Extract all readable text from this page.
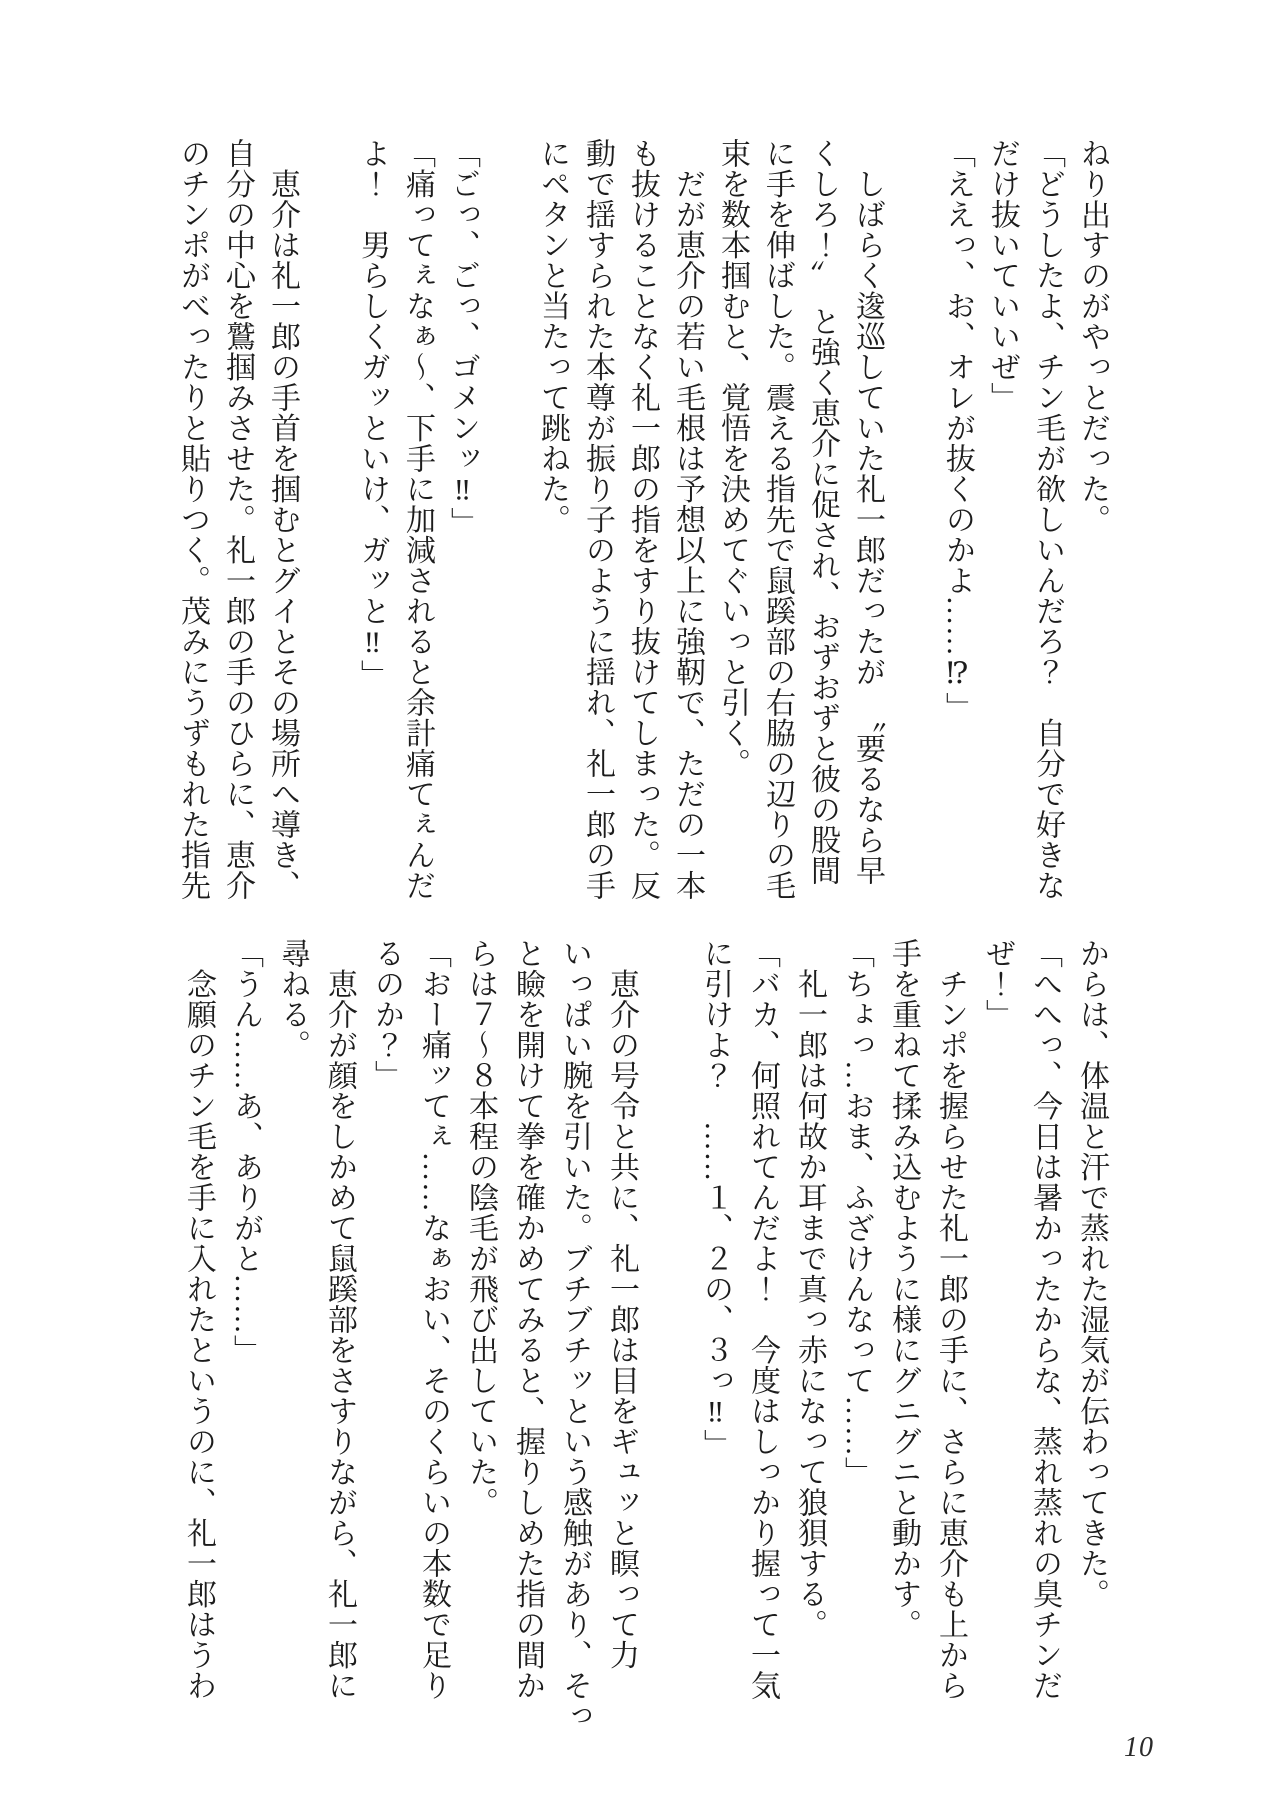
ねり出すのがやっとだった。

「どうしたよ、チン毛が欲しいんだろ？　自分で好きな

だけ抜いていいぜ」

「ええっ、お、オレが抜くのかよ……⁉」

　しばらく逡巡していた礼一郎だったが　〝要るなら早

くしろ！〟　と強く恵介に促され、おずおずと彼の股間

に手を伸ばした。震える指先で鼠蹊部の右脇の辺りの毛

束を数本掴むと、覚悟を決めてぐいっと引く。

　だが恵介の若い毛根は予想以上に強靭で、ただの一本

も抜けることなく礼一郎の指をすり抜けてしまった。反

動で揺すられた本尊が振り子のように揺れ、礼一郎の手

にペタンと当たって跳ねた。

「ごっ、ごっ、ゴメンッ‼」

「痛ってぇなぁ〜、下手に加減されると余計痛てぇんだ

よ！　男らしくガッといけ、ガッと‼」

　恵介は礼一郎の手首を掴むとグイとその場所へ導き、

自分の中心を鷲掴みさせた。礼一郎の手のひらに、恵介

のチンポがべったりと貼りつく。茂みにうずもれた指先

からは、体温と汗で蒸れた湿気が伝わってきた。

「へへっ、今日は暑かったからな、蒸れ蒸れの臭チンだ

ぜ！」

　チンポを握らせた礼一郎の手に、さらに恵介も上から

手を重ねて揉み込むように様にグニグニと動かす。

「ちょっ…おま、ふざけんなって……」

　礼一郎は何故か耳まで真っ赤になって狼狽する。

「バカ、何照れてんだよ！　今度はしっかり握って一気

に引けよ？　……１、２の、３っ‼」

　恵介の号令と共に、礼一郎は目をギュッと瞑って力

いっぱい腕を引いた。ブチブチッという感触があり、そっ

と瞼を開けて拳を確かめてみると、握りしめた指の間か

らは７〜８本程の陰毛が飛び出していた。

「おー痛ッてぇ……なぁおい、そのくらいの本数で足り

るのか？」

　恵介が顔をしかめて鼠蹊部をさすりながら、礼一郎に

尋ねる。

「うん……あ、ありがと……」

　念願のチン毛を手に入れたというのに、礼一郎はうわ

10
